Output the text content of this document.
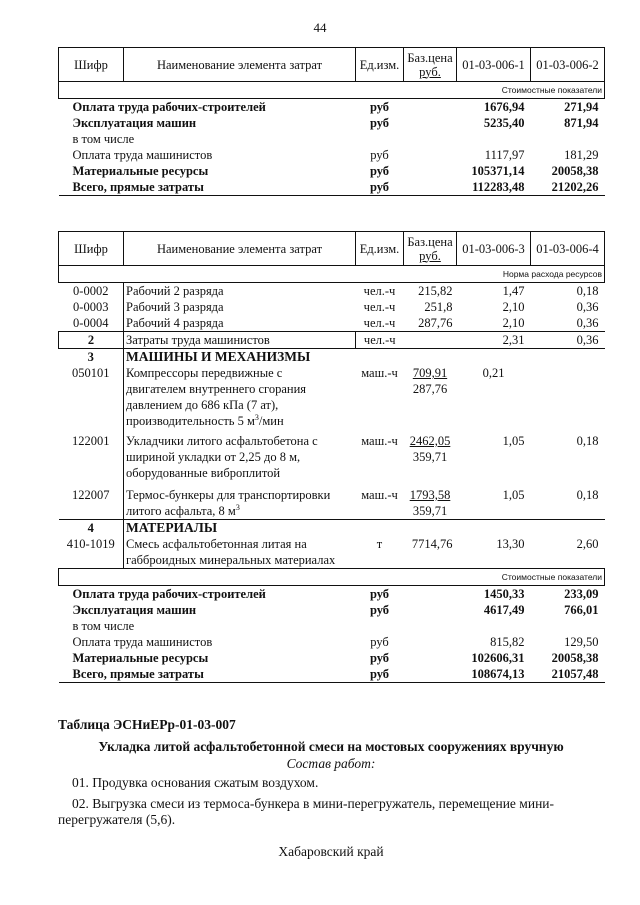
44
Шифр	Наименование элемента затрат	Ед.изм.	Баз.цена
руб.	01-03-006-1	01-03-006-2
Стоимостные показатели					
Оплата труда рабочих-строителей		руб		1676,94	271,94
Эксплуатация машин		руб		5235,40	871,94
в том числе					
Оплата труда машинистов		руб		1117,97	181,29
Материальные ресурсы		руб		105371,14	20058,38
Всего, прямые затраты		руб		112283,48	21202,26

Шифр	Наименование элемента затрат	Ед.изм.	Баз.цена
руб.	01-03-006-3	01-03-006-4
Норма расхода ресурсов					
0-0002	Рабочий 2 разряда	чел.-ч	215,82	1,47	0,18
0-0003	Рабочий 3 разряда	чел.-ч	251,8	2,10	0,36
0-0004	Рабочий 4 разряда	чел.-ч	287,76	2,10	0,36
2	Затраты труда машинистов	чел.-ч		2,31	0,36
3	МАШИНЫ И МЕХАНИЗМЫ				
050101	Компрессоры передвижные с
двигателем внутреннего сгорания
давлением до 686 кПа (7 ат),
производительность 5 $м^3$/мин	маш.-ч	709,91
287,76	0,21	
122001	Укладчики литого асфальтобетона с
шириной укладки от 2,25 до 8 м,
оборудованные виброплитой	маш.-ч	2462,05
359,71	1,05	0,18
122007	Термос-бункеры для транспортировки
литого асфальта, 8 $м^3$	маш.-ч	1793,58
359,71	1,05	0,18
4	МАТЕРИАЛЫ				
410-1019	Смесь асфальтобетонная литая на
габброидных минеральных материалах	т	7714,76	13,30	2,60
Стоимостные показатели					
Оплата труда рабочих-строителей		руб		1450,33	233,09
Эксплуатация машин		руб		4617,49	766,01
в том числе					
Оплата труда машинистов		руб		815,82	129,50
Материальные ресурсы		руб		102606,31	20058,38
Всего, прямые затраты		руб		108674,13	21057,48

Таблица ЭСНиЕРр-01-03-007
Укладка литой асфальтобетонной смеси на мостовых сооружениях вручную
Состав работ:
01. Продувка основания сжатым воздухом.
02. Выгрузка смеси из термоса-бункера в мини-перегружатель, перемещение мини-
перегружателя (5,6).
Хабаровский край
